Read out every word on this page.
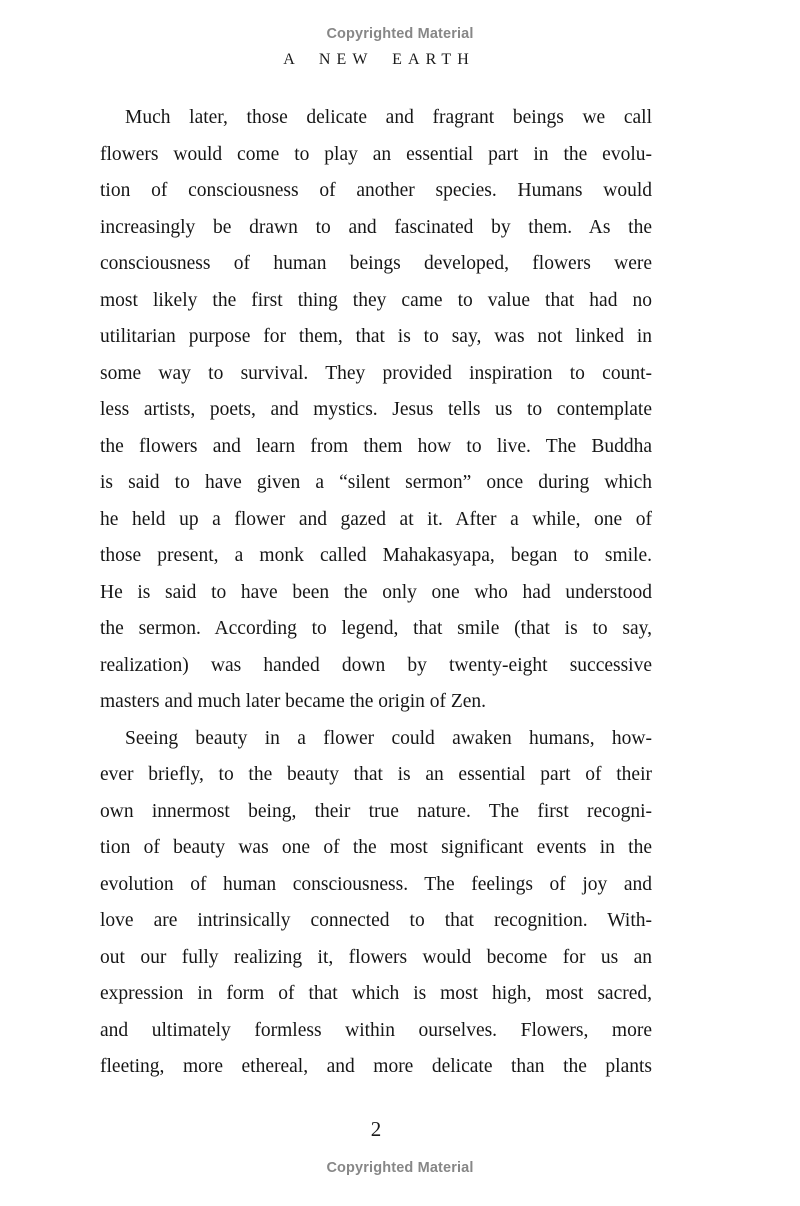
Copyrighted Material
A NEW EARTH
Much later, those delicate and fragrant beings we call
flowers would come to play an essential part in the evolu-
tion of consciousness of another species. Humans would
increasingly be drawn to and fascinated by them. As the
consciousness of human beings developed, flowers were
most likely the first thing they came to value that had no
utilitarian purpose for them, that is to say, was not linked in
some way to survival. They provided inspiration to count-
less artists, poets, and mystics. Jesus tells us to contemplate
the flowers and learn from them how to live. The Buddha
is said to have given a “silent sermon” once during which
he held up a flower and gazed at it. After a while, one of
those present, a monk called Mahakasyapa, began to smile.
He is said to have been the only one who had understood
the sermon. According to legend, that smile (that is to say,
realization) was handed down by twenty-eight successive
masters and much later became the origin of Zen.
Seeing beauty in a flower could awaken humans, how-
ever briefly, to the beauty that is an essential part of their
own innermost being, their true nature. The first recogni-
tion of beauty was one of the most significant events in the
evolution of human consciousness. The feelings of joy and
love are intrinsically connected to that recognition. With-
out our fully realizing it, flowers would become for us an
expression in form of that which is most high, most sacred,
and ultimately formless within ourselves. Flowers, more
fleeting, more ethereal, and more delicate than the plants
2
Copyrighted Material
